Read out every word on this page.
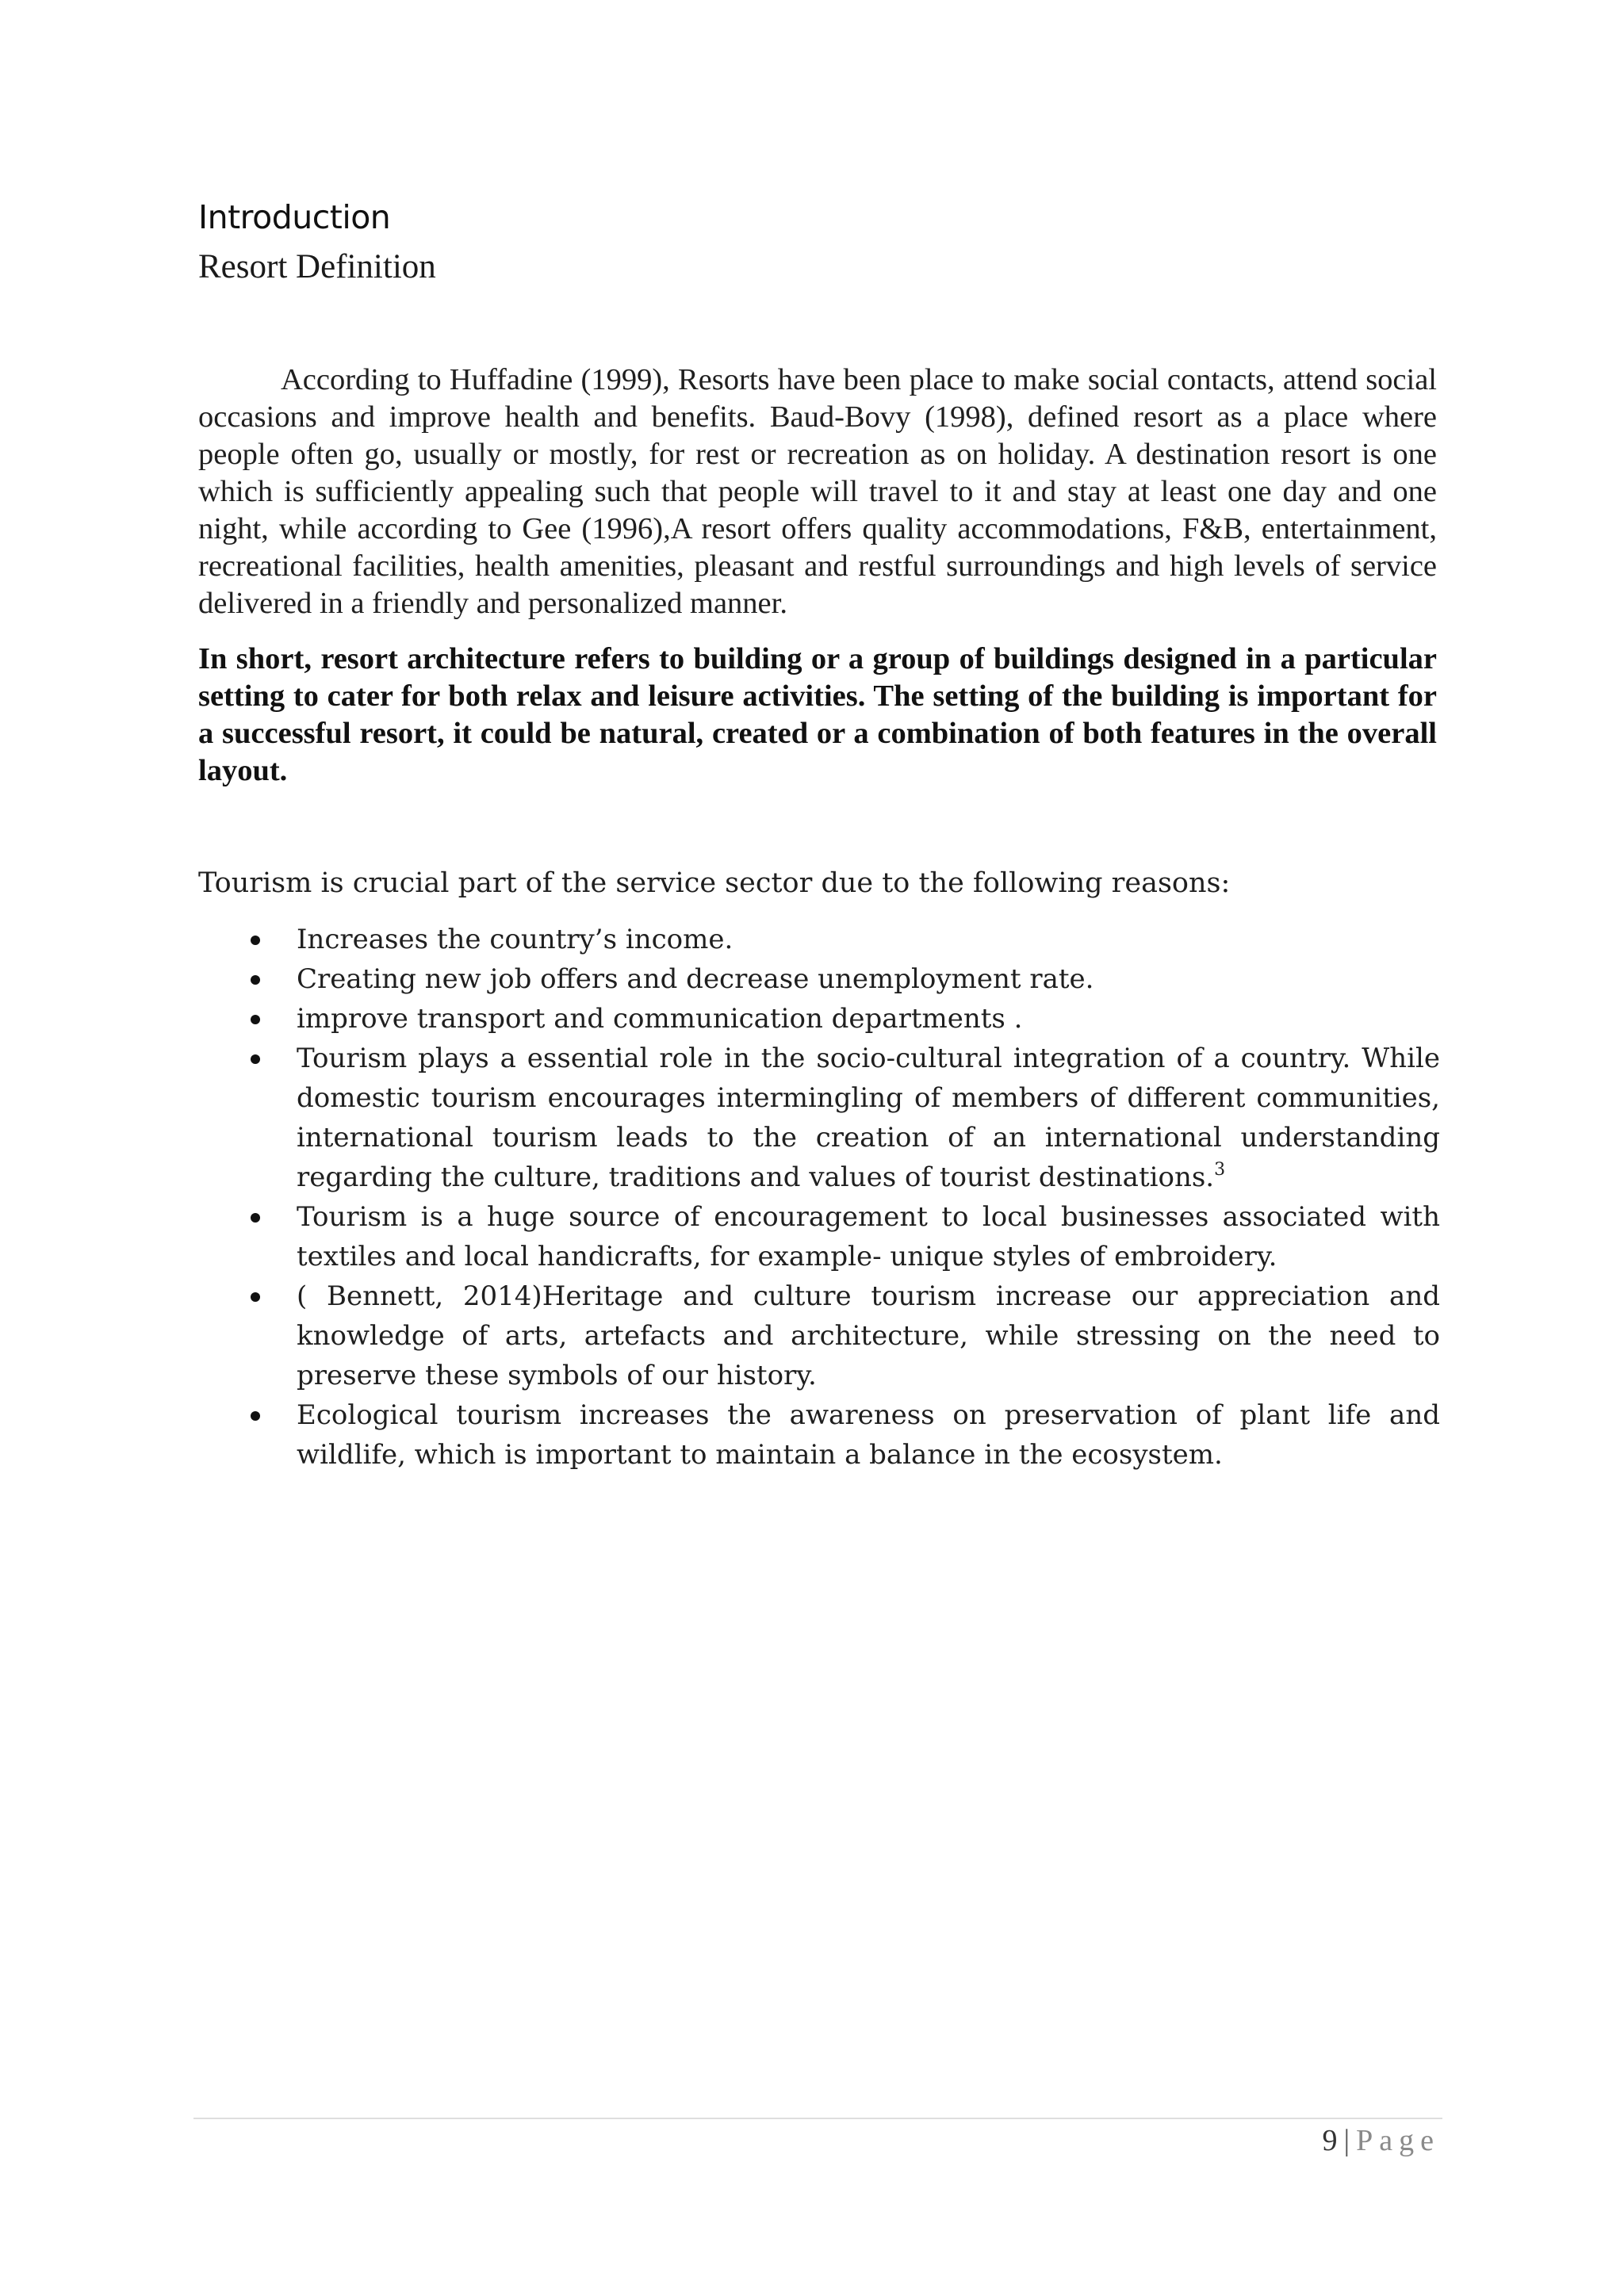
Introduction
Resort Definition

According to Huffadine (1999), Resorts have been place to make social contacts, attend social occasions and improve health and benefits. Baud-Bovy (1998), defined resort as a place where people often go, usually or mostly, for rest or recreation as on holiday. A destination resort is one which is sufficiently appealing such that people will travel to it and stay at least one day and one night, while according to Gee (1996),A resort offers quality accommodations, F&B, entertainment, recreational facilities, health amenities, pleasant and restful surroundings and high levels of service delivered in a friendly and personalized manner.

In short, resort architecture refers to building or a group of buildings designed in a particular setting to cater for both relax and leisure activities. The setting of the building is important for a successful resort, it could be natural, created or a combination of both features in the overall layout.

Tourism is crucial part of the service sector due to the following reasons:

Increases the country’s income.
Creating new job offers and decrease unemployment rate.
improve transport and communication departments .
Tourism plays a essential role in the socio-cultural integration of a country. While domestic tourism encourages intermingling of members of different communities, international tourism leads to the creation of an international understanding regarding the culture, traditions and values of tourist destinations.$^3$
Tourism is a huge source of encouragement to local businesses associated with textiles and local handicrafts, for example- unique styles of embroidery.
( Bennett, 2014)Heritage and culture tourism increase our appreciation and knowledge of arts, artefacts and architecture, while stressing on the need to preserve these symbols of our history.
Ecological tourism increases the awareness on preservation of plant life and wildlife, which is important to maintain a balance in the ecosystem.

9 | Page
